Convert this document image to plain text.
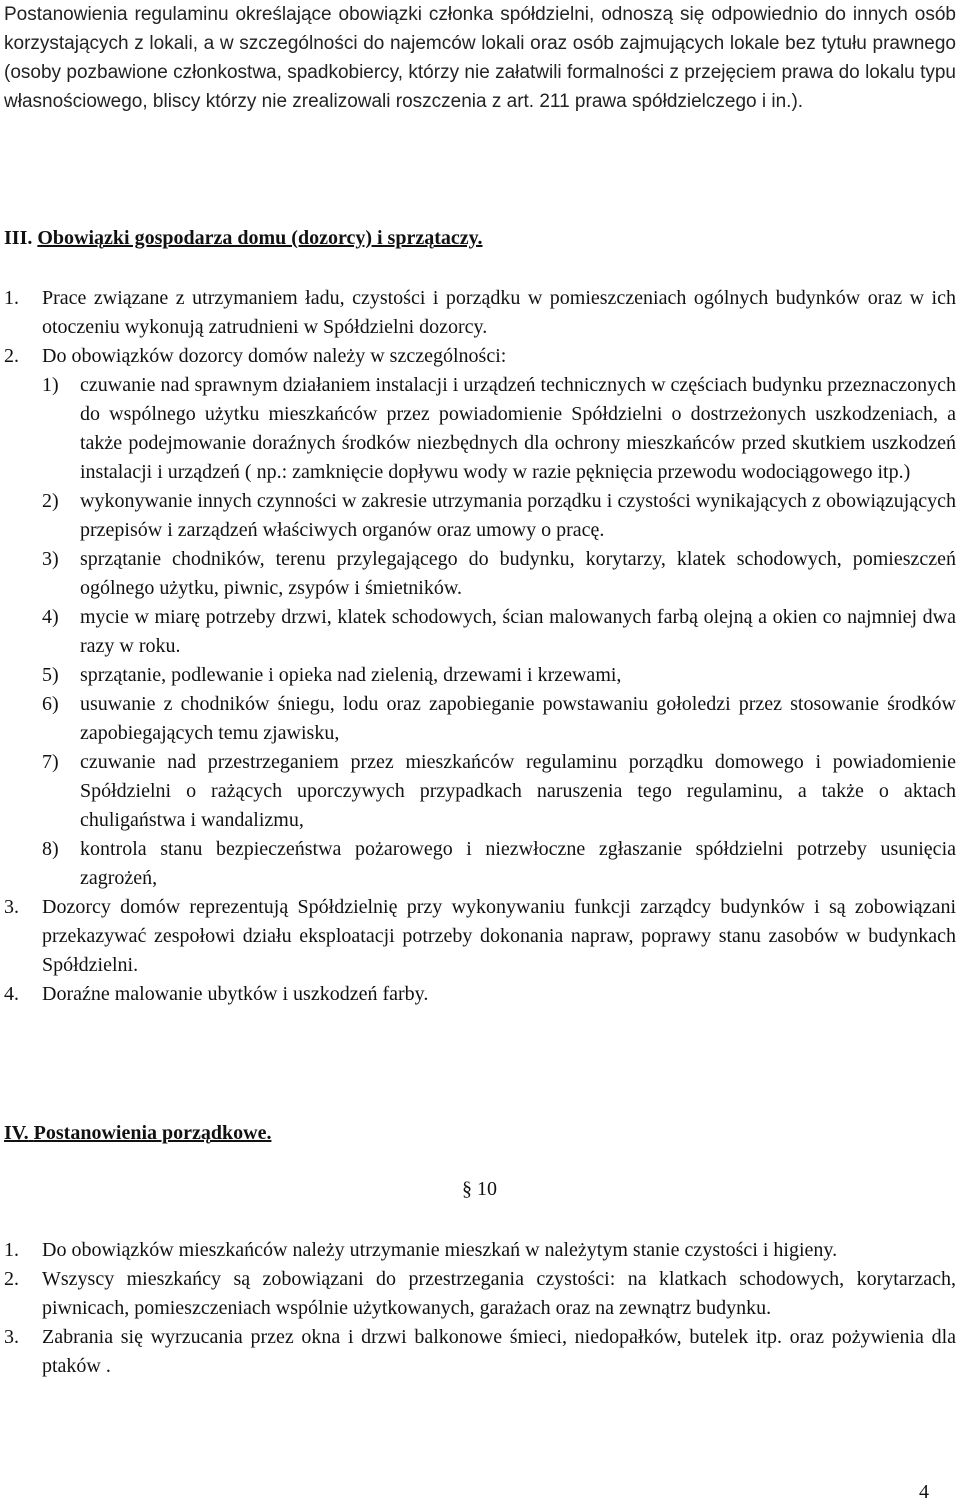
Postanowienia regulaminu określające obowiązki członka spółdzielni, odnoszą się odpowiednio do innych osób korzystających z lokali, a w szczególności do najemców lokali oraz osób zajmujących lokale bez tytułu prawnego (osoby pozbawione członkostwa, spadkobiercy, którzy nie załatwili formalności z przejęciem prawa do lokalu typu własnościowego, bliscy którzy nie zrealizowali roszczenia z art. 211 prawa spółdzielczego i in.).

III. Obowiązki gospodarza domu (dozorcy) i sprzątaczy.
1. Prace związane z utrzymaniem ładu, czystości i porządku w pomieszczeniach ogólnych budynków oraz w ich otoczeniu wykonują zatrudnieni w Spółdzielni dozorcy.
2. Do obowiązków dozorcy domów należy w szczególności:
1) czuwanie nad sprawnym działaniem instalacji i urządzeń technicznych w częściach budynku przeznaczonych do wspólnego użytku mieszkańców przez powiadomienie Spółdzielni o dostrzeżonych uszkodzeniach, a także podejmowanie doraźnych środków niezbędnych dla ochrony mieszkańców przed skutkiem uszkodzeń instalacji i urządzeń ( np.: zamknięcie dopływu wody w razie pęknięcia przewodu wodociągowego itp.)
2) wykonywanie innych czynności w zakresie utrzymania porządku i czystości wynikających z obowiązujących przepisów i zarządzeń właściwych organów oraz umowy o pracę.
3) sprzątanie chodników, terenu przylegającego do budynku, korytarzy, klatek schodowych, pomieszczeń ogólnego użytku, piwnic, zsypów i śmietników.
4) mycie w miarę potrzeby drzwi, klatek schodowych, ścian malowanych farbą olejną a okien co najmniej dwa razy w roku.
5) sprzątanie, podlewanie i opieka nad zielenią, drzewami i krzewami,
6) usuwanie z chodników śniegu, lodu oraz zapobieganie powstawaniu gołoledzi przez stosowanie środków zapobiegających temu zjawisku,
7) czuwanie nad przestrzeganiem przez mieszkańców regulaminu porządku domowego i powiadomienie Spółdzielni o rażących uporczywych przypadkach naruszenia tego regulaminu, a także o aktach chuligaństwa i wandalizmu,
8) kontrola stanu bezpieczeństwa pożarowego i niezwłoczne zgłaszanie spółdzielni potrzeby usunięcia zagrożeń,
3. Dozorcy domów reprezentują Spółdzielnię przy wykonywaniu funkcji zarządcy budynków i są zobowiązani przekazywać zespołowi działu eksploatacji potrzeby dokonania napraw, poprawy stanu zasobów w budynkach Spółdzielni.
4. Doraźne malowanie ubytków i uszkodzeń farby.
IV. Postanowienia porządkowe.
§ 10
1. Do obowiązków mieszkańców należy utrzymanie mieszkań w należytym stanie czystości i higieny.
2. Wszyscy mieszkańcy są zobowiązani do przestrzegania czystości: na klatkach schodowych, korytarzach, piwnicach, pomieszczeniach wspólnie użytkowanych, garażach oraz na zewnątrz budynku.
3. Zabrania się wyrzucania przez okna i drzwi balkonowe śmieci, niedopałków, butelek itp. oraz pożywienia dla ptaków .
4
